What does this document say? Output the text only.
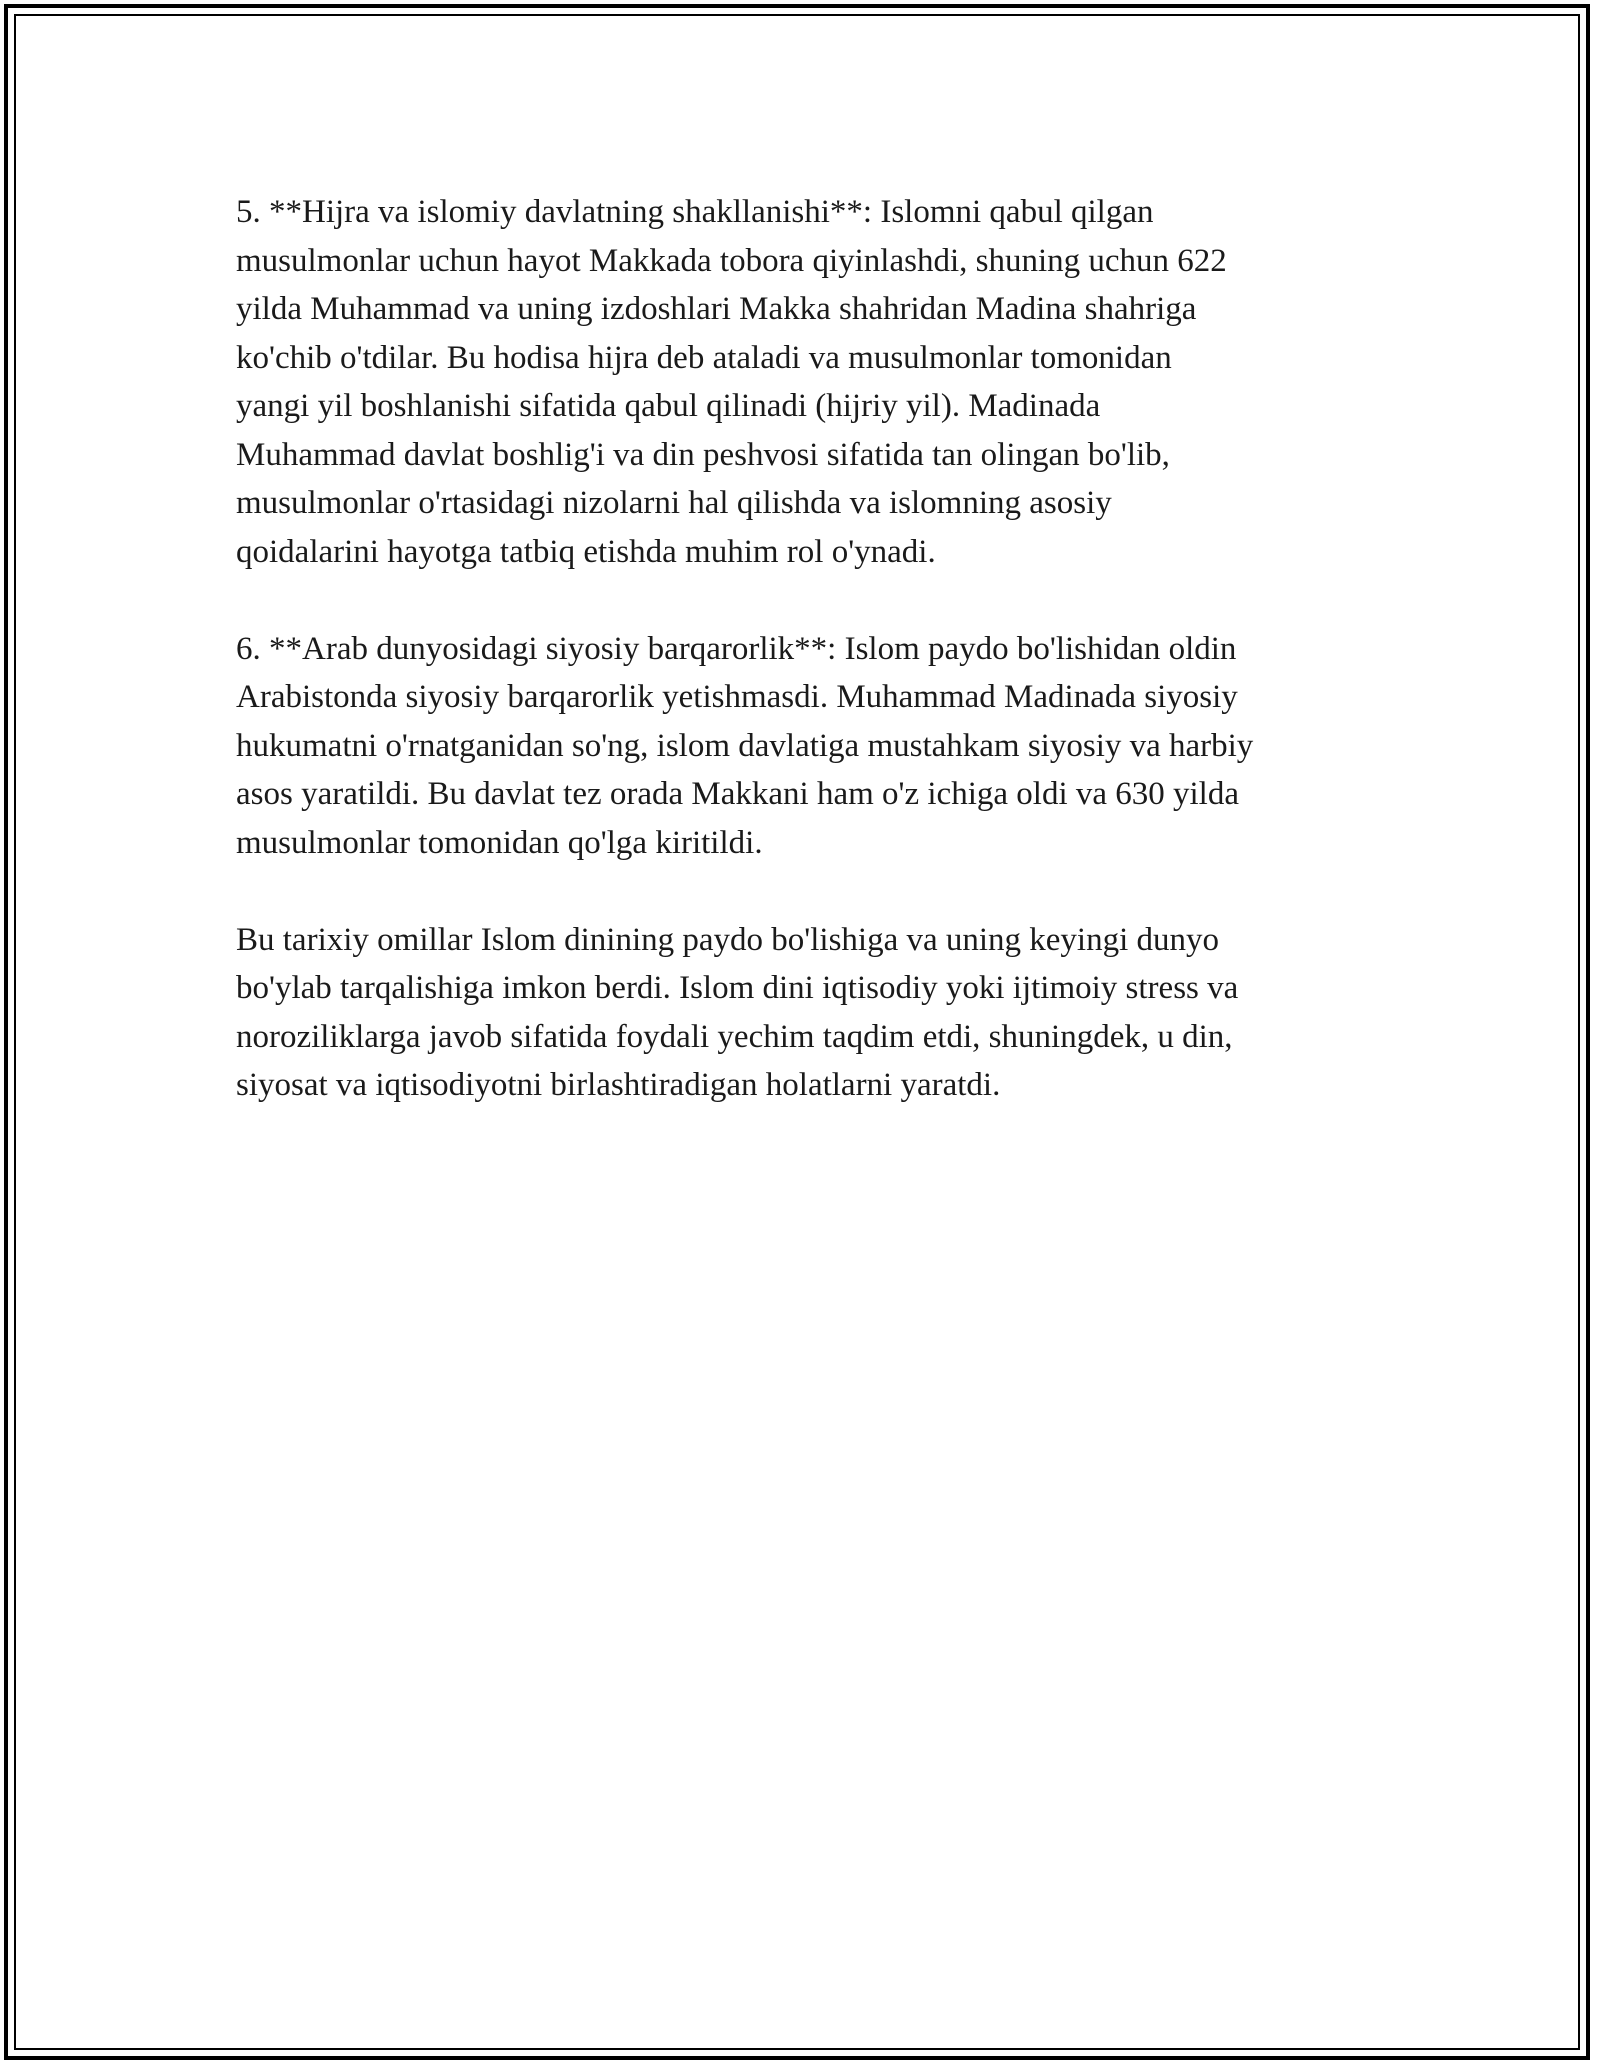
5. **Hijra va islomiy davlatning shakllanishi**: Islomni qabul qilgan
musulmonlar uchun hayot Makkada tobora qiyinlashdi, shuning uchun 622
yilda Muhammad va uning izdoshlari Makka shahridan Madina shahriga
ko'chib o'tdilar. Bu hodisa hijra deb ataladi va musulmonlar tomonidan
yangi yil boshlanishi sifatida qabul qilinadi (hijriy yil). Madinada
Muhammad davlat boshlig'i va din peshvosi sifatida tan olingan bo'lib,
musulmonlar o'rtasidagi nizolarni hal qilishda va islomning asosiy
qoidalarini hayotga tatbiq etishda muhim rol o'ynadi.

6. **Arab dunyosidagi siyosiy barqarorlik**: Islom paydo bo'lishidan oldin
Arabistonda siyosiy barqarorlik yetishmasdi. Muhammad Madinada siyosiy
hukumatni o'rnatganidan so'ng, islom davlatiga mustahkam siyosiy va harbiy
asos yaratildi. Bu davlat tez orada Makkani ham o'z ichiga oldi va 630 yilda
musulmonlar tomonidan qo'lga kiritildi.

Bu tarixiy omillar Islom dinining paydo bo'lishiga va uning keyingi dunyo
bo'ylab tarqalishiga imkon berdi. Islom dini iqtisodiy yoki ijtimoiy stress va
noroziliklarga javob sifatida foydali yechim taqdim etdi, shuningdek, u din,
siyosat va iqtisodiyotni birlashtiradigan holatlarni yaratdi.
